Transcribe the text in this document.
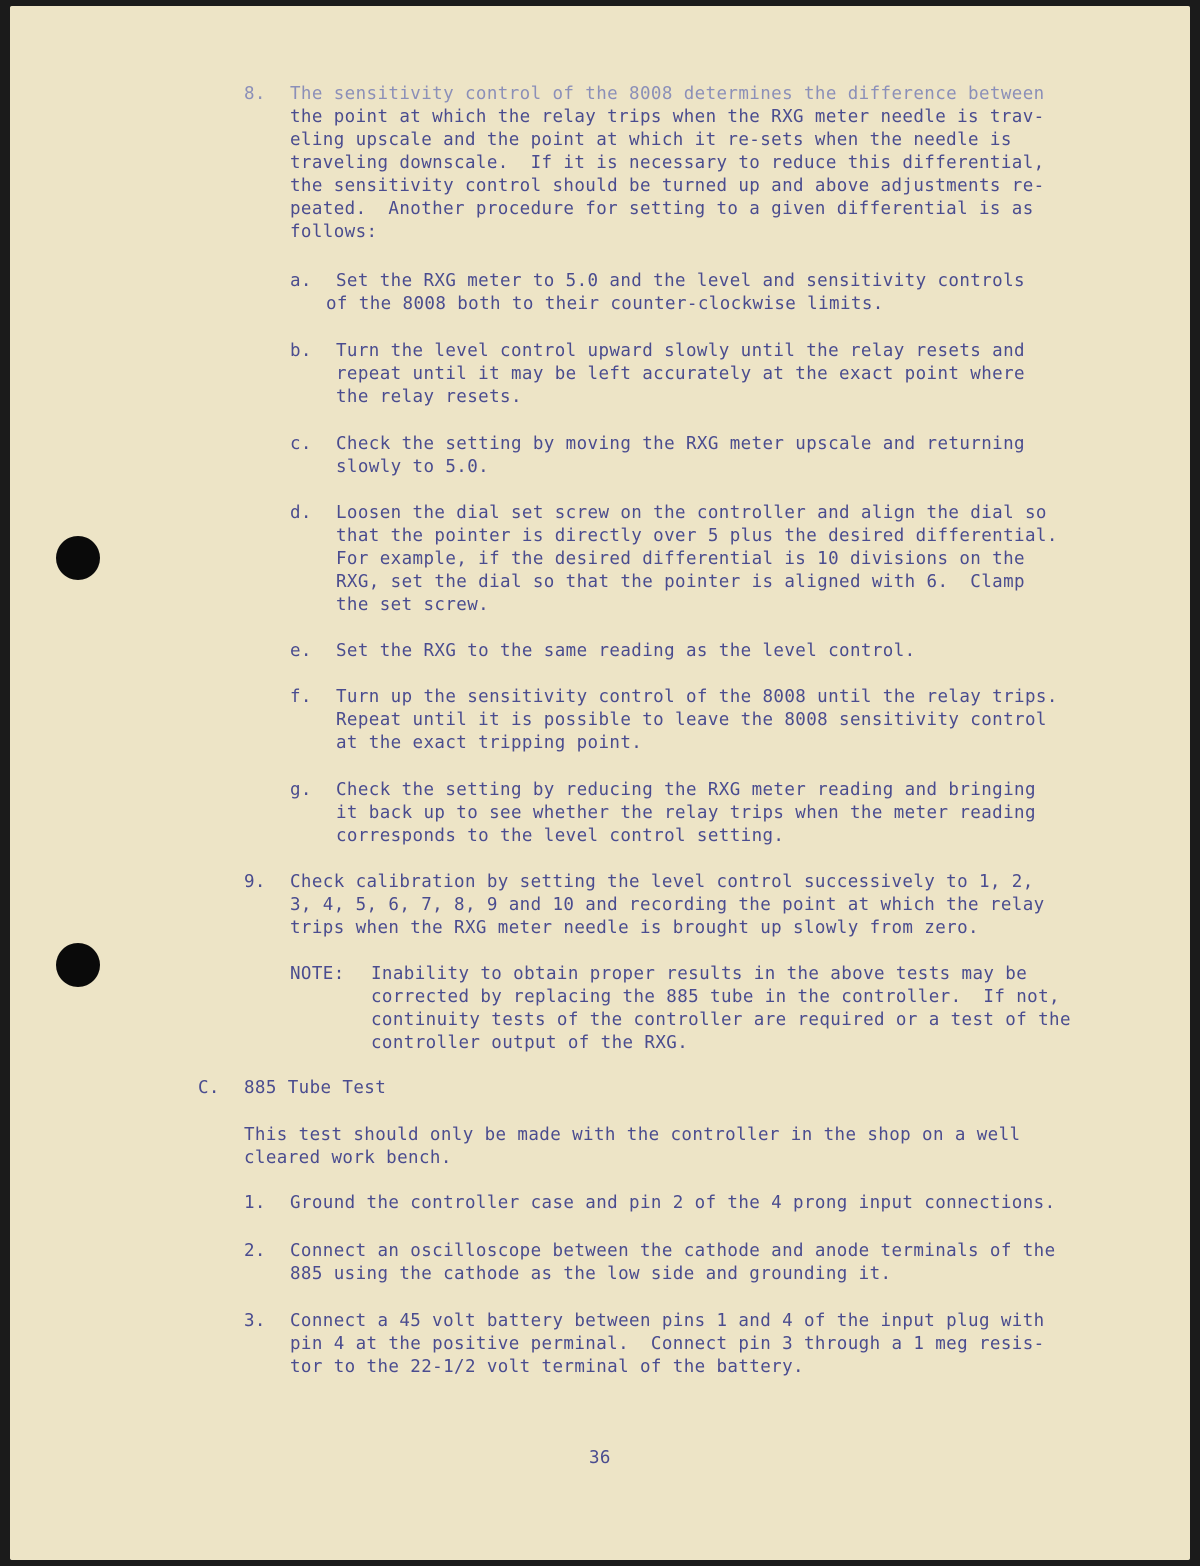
8. The sensitivity control of the 8008 determines the difference between
the point at which the relay trips when the RXG meter needle is trav-
eling upscale and the point at which it re-sets when the needle is
traveling downscale.  If it is necessary to reduce this differential,
the sensitivity control should be turned up and above adjustments re-
peated.  Another procedure for setting to a given differential is as
follows:
a. Set the RXG meter to 5.0 and the level and sensitivity controls
of the 8008 both to their counter-clockwise limits.
b. Turn the level control upward slowly until the relay resets and
repeat until it may be left accurately at the exact point where
the relay resets.
c. Check the setting by moving the RXG meter upscale and returning
slowly to 5.0.
d. Loosen the dial set screw on the controller and align the dial so
that the pointer is directly over 5 plus the desired differential.
For example, if the desired differential is 10 divisions on the
RXG, set the dial so that the pointer is aligned with 6.  Clamp
the set screw.
e. Set the RXG to the same reading as the level control.
f. Turn up the sensitivity control of the 8008 until the relay trips.
Repeat until it is possible to leave the 8008 sensitivity control
at the exact tripping point.
g. Check the setting by reducing the RXG meter reading and bringing
it back up to see whether the relay trips when the meter reading
corresponds to the level control setting.
9. Check calibration by setting the level control successively to 1, 2,
3, 4, 5, 6, 7, 8, 9 and 10 and recording the point at which the relay
trips when the RXG meter needle is brought up slowly from zero.
NOTE: Inability to obtain proper results in the above tests may be
corrected by replacing the 885 tube in the controller.  If not,
continuity tests of the controller are required or a test of the
controller output of the RXG.
C. 885 Tube Test
This test should only be made with the controller in the shop on a well
cleared work bench.
1. Ground the controller case and pin 2 of the 4 prong input connections.
2. Connect an oscilloscope between the cathode and anode terminals of the
885 using the cathode as the low side and grounding it.
3. Connect a 45 volt battery between pins 1 and 4 of the input plug with
pin 4 at the positive perminal.  Connect pin 3 through a 1 meg resis-
tor to the 22-1/2 volt terminal of the battery.
36
